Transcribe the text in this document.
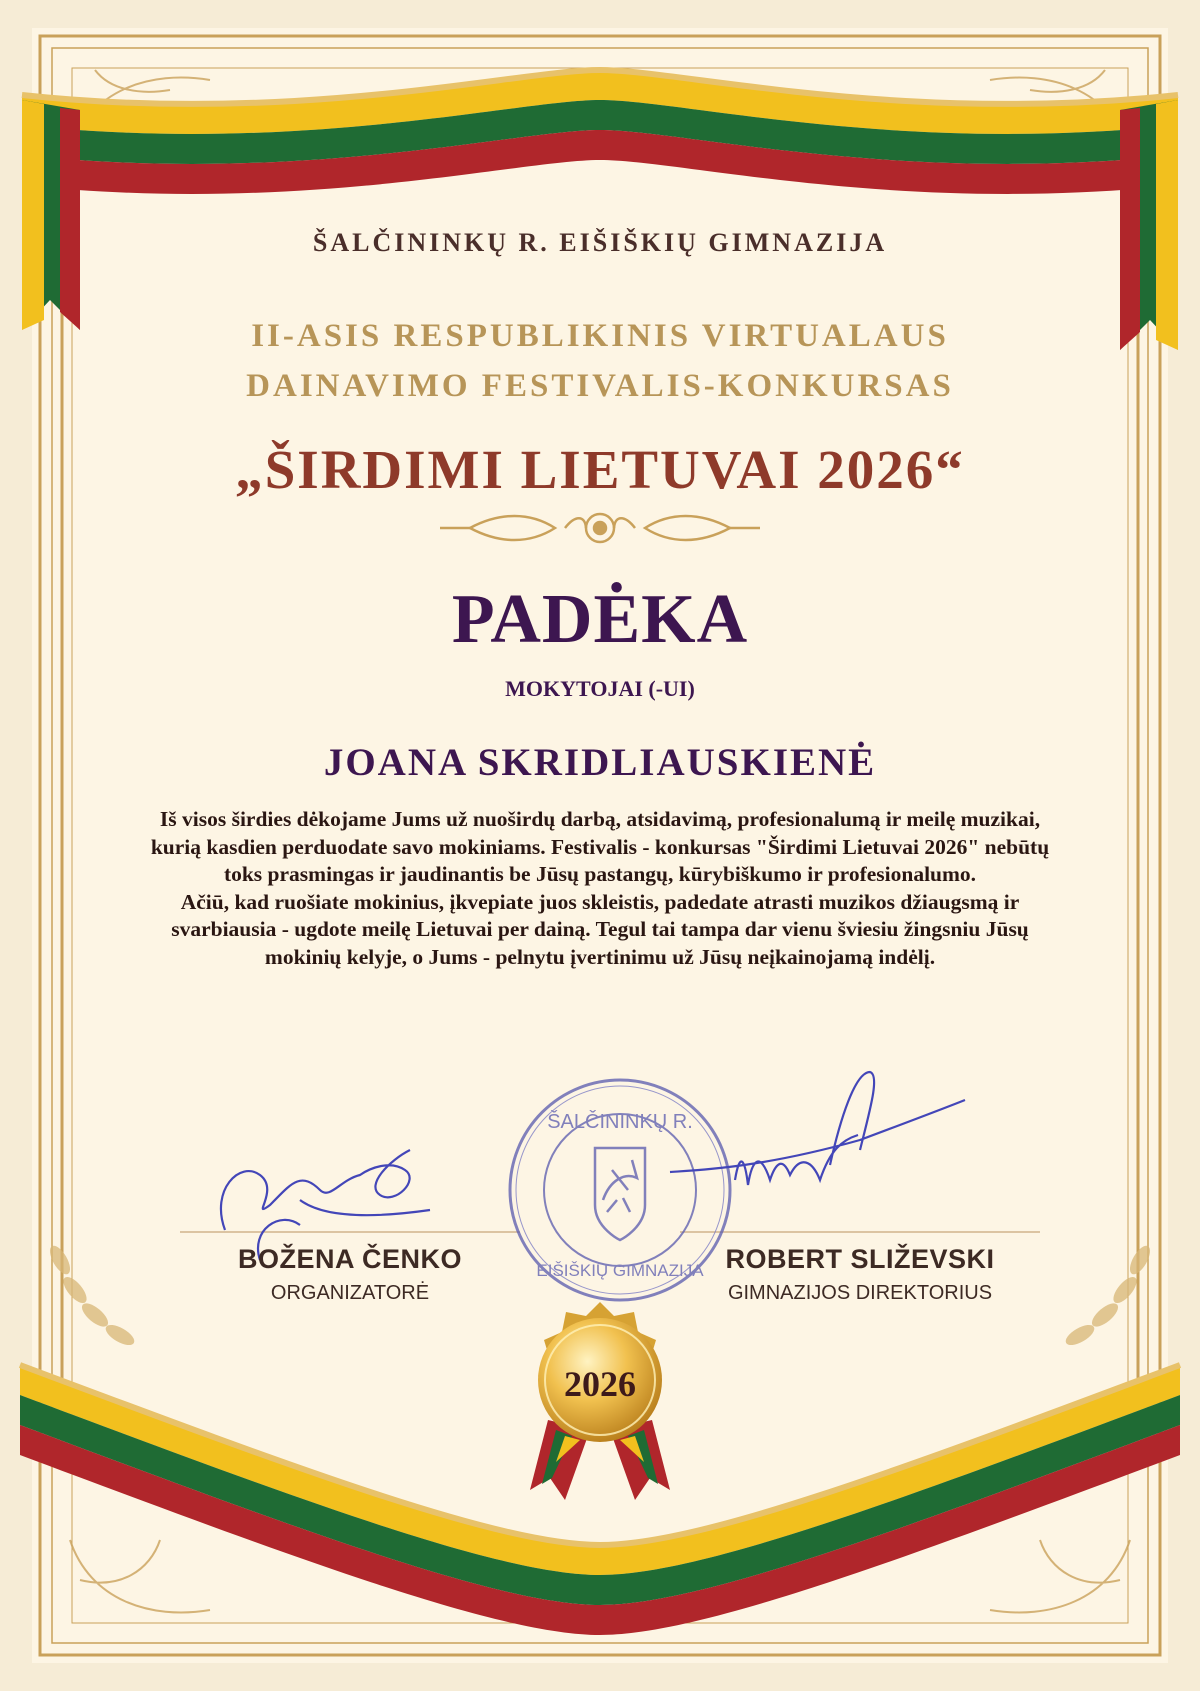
ŠALČININKŲ R.
EIŠIŠKIŲ GIMNAZIJA
ŠALČININKŲ R. EIŠIŠKIŲ GIMNAZIJA
II-ASIS RESPUBLIKINIS VIRTUALAUS
DAINAVIMO FESTIVALIS-KONKURSAS
„ŠIRDIMI LIETUVAI 2026“
PADĖKA
MOKYTOJAI (-UI)
JOANA SKRIDLIAUSKIENĖ

Iš visos širdies dėkojame Jums už nuoširdų darbą, atsidavimą, profesionalumą ir meilę muzikai, kurią kasdien perduodate savo mokiniams. Festivalis - konkursas "Širdimi Lietuvai 2026" nebūtų toks prasmingas ir jaudinantis be Jūsų pastangų, kūrybiškumo ir profesionalumo.

Ačiū, kad ruošiate mokinius, įkvepiate juos skleistis, padedate atrasti muzikos džiaugsmą ir svarbiausia - ugdote meilę Lietuvai per dainą. Tegul tai tampa dar vienu šviesiu žingsniu Jūsų mokinių kelyje, o Jums - pelnytu įvertinimu už Jūsų neįkainojamą indėlį.

BOŽENA ČENKO
ORGANIZATORĖ
ROBERT SLIŽEVSKI
GIMNAZIJOS DIREKTORIUS
2026
